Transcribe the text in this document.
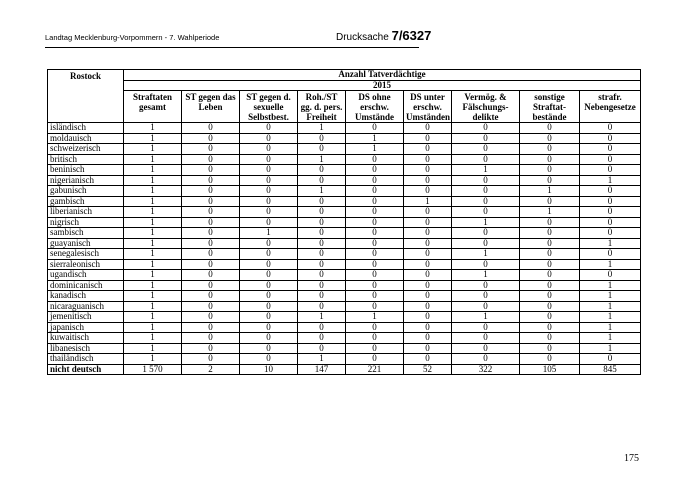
Landtag Mecklenburg-Vorpommern - 7. Wahlperiode	Drucksache 7/6327
Rostock	Anzahl Tatverdächtige								
	2015								
	Straftaten gesamt	ST gegen das Leben	ST gegen d. sexuelle Selbstbest.	Roh./ST gg. d. pers. Freiheit	DS ohne erschw. Umstände	DS unter erschw. Umständen	Vermög. & Fälschungs-delikte	sonstige Straftat-bestände	strafr. Nebengesetze
isländisch	1	0	0	1	0	0	0	0	0
moldauisch	1	0	0	0	1	0	0	0	0
schweizerisch	1	0	0	0	1	0	0	0	0
britisch	1	0	0	1	0	0	0	0	0
beninisch	1	0	0	0	0	0	1	0	0
nigerianisch	1	0	0	0	0	0	0	0	1
gabunisch	1	0	0	1	0	0	0	1	0
gambisch	1	0	0	0	0	1	0	0	0
liberianisch	1	0	0	0	0	0	0	1	0
nigrisch	1	0	0	0	0	0	1	0	0
sambisch	1	0	1	0	0	0	0	0	0
guayanisch	1	0	0	0	0	0	0	0	1
senegalesisch	1	0	0	0	0	0	1	0	0
sierraleonisch	1	0	0	0	0	0	0	0	1
ugandisch	1	0	0	0	0	0	1	0	0
dominicanisch	1	0	0	0	0	0	0	0	1
kanadisch	1	0	0	0	0	0	0	0	1
nicaraguanisch	1	0	0	0	0	0	0	0	1
jemenitisch	1	0	0	1	1	0	1	0	1
japanisch	1	0	0	0	0	0	0	0	1
kuwaitisch	1	0	0	0	0	0	0	0	1
libanesisch	1	0	0	0	0	0	0	0	1
thailändisch	1	0	0	1	0	0	0	0	0
nicht deutsch	1 570	2	10	147	221	52	322	105	845
175
